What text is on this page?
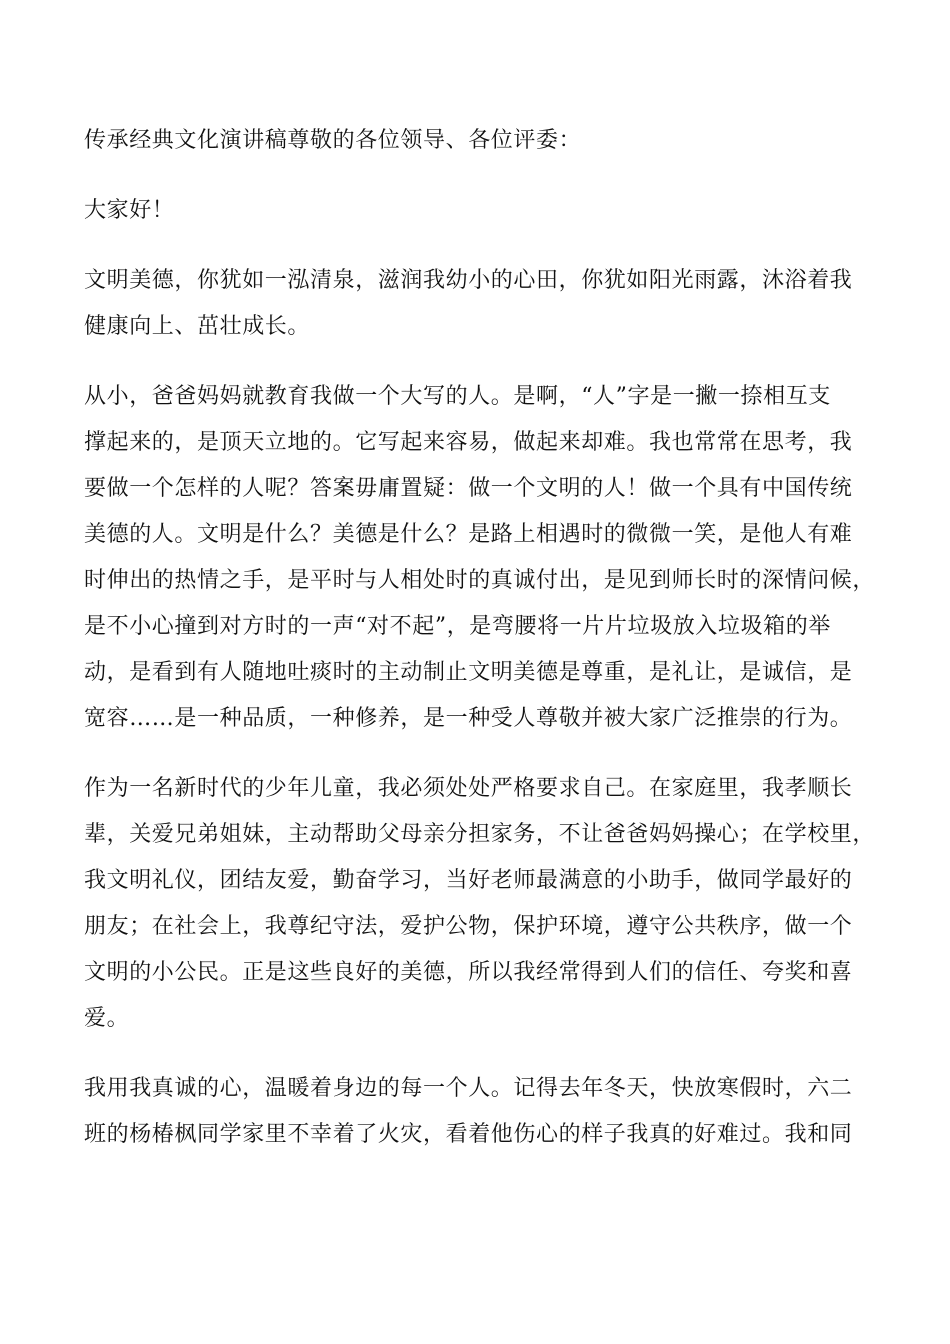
传承经典文化演讲稿尊敬的各位领导、各位评委：

大家好！

文明美德，你犹如一泓清泉，滋润我幼小的心田，你犹如阳光雨露，沐浴着我
健康向上、茁壮成长。

从小，爸爸妈妈就教育我做一个大写的人。是啊，“人”字是一撇一捺相互支
撑起来的，是顶天立地的。它写起来容易，做起来却难。我也常常在思考，我
要做一个怎样的人呢？答案毋庸置疑：做一个文明的人！做一个具有中国传统
美德的人。文明是什么？美德是什么？是路上相遇时的微微一笑，是他人有难
时伸出的热情之手，是平时与人相处时的真诚付出，是见到师长时的深情问候，
是不小心撞到对方时的一声“对不起”，是弯腰将一片片垃圾放入垃圾箱的举
动，是看到有人随地吐痰时的主动制止文明美德是尊重，是礼让，是诚信，是
宽容……是一种品质，一种修养，是一种受人尊敬并被大家广泛推崇的行为。

作为一名新时代的少年儿童，我必须处处严格要求自己。在家庭里，我孝顺长
辈，关爱兄弟姐妹，主动帮助父母亲分担家务，不让爸爸妈妈操心；在学校里，
我文明礼仪，团结友爱，勤奋学习，当好老师最满意的小助手，做同学最好的
朋友；在社会上，我尊纪守法，爱护公物，保护环境，遵守公共秩序，做一个
文明的小公民。正是这些良好的美德，所以我经常得到人们的信任、夸奖和喜
爱。

我用我真诚的心，温暖着身边的每一个人。记得去年冬天，快放寒假时，六二
班的杨椿枫同学家里不幸着了火灾，看着他伤心的样子我真的好难过。我和同
